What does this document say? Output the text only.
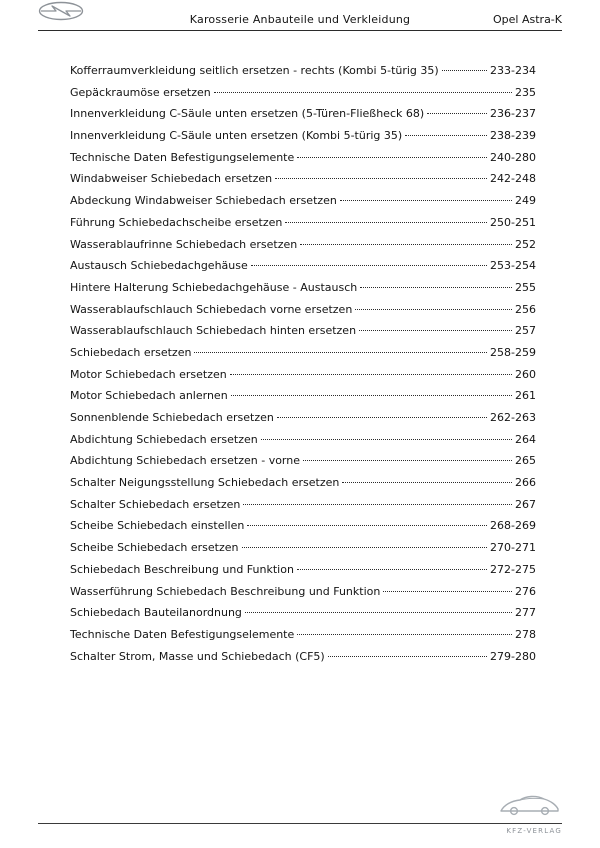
Karosserie Anbauteile und Verkleidung	Opel Astra-K
Kofferraumverkleidung seitlich ersetzen - rechts (Kombi 5-türig 35)	233-234
Gepäckraumöse ersetzen	235
Innenverkleidung C-Säule unten ersetzen (5-Türen-Fließheck 68)	236-237
Innenverkleidung C-Säule unten ersetzen (Kombi 5-türig 35)	238-239
Technische Daten Befestigungselemente	240-280
Windabweiser Schiebedach ersetzen	242-248
Abdeckung Windabweiser Schiebedach ersetzen	249
Führung Schiebedachscheibe ersetzen	250-251
Wasserablaufrinne Schiebedach ersetzen	252
Austausch Schiebedachgehäuse	253-254
Hintere Halterung Schiebedachgehäuse - Austausch	255
Wasserablaufschlauch Schiebedach vorne ersetzen	256
Wasserablaufschlauch Schiebedach hinten ersetzen	257
Schiebedach ersetzen	258-259
Motor Schiebedach ersetzen	260
Motor Schiebedach anlernen	261
Sonnenblende Schiebedach ersetzen	262-263
Abdichtung Schiebedach ersetzen	264
Abdichtung Schiebedach ersetzen - vorne	265
Schalter Neigungsstellung Schiebedach ersetzen	266
Schalter Schiebedach ersetzen	267
Scheibe Schiebedach einstellen	268-269
Scheibe Schiebedach ersetzen	270-271
Schiebedach Beschreibung und Funktion	272-275
Wasserführung Schiebedach Beschreibung und Funktion	276
Schiebedach Bauteilanordnung	277
Technische Daten Befestigungselemente	278
Schalter Strom, Masse und Schiebedach (CF5)	279-280
KFZ-VERLAG
